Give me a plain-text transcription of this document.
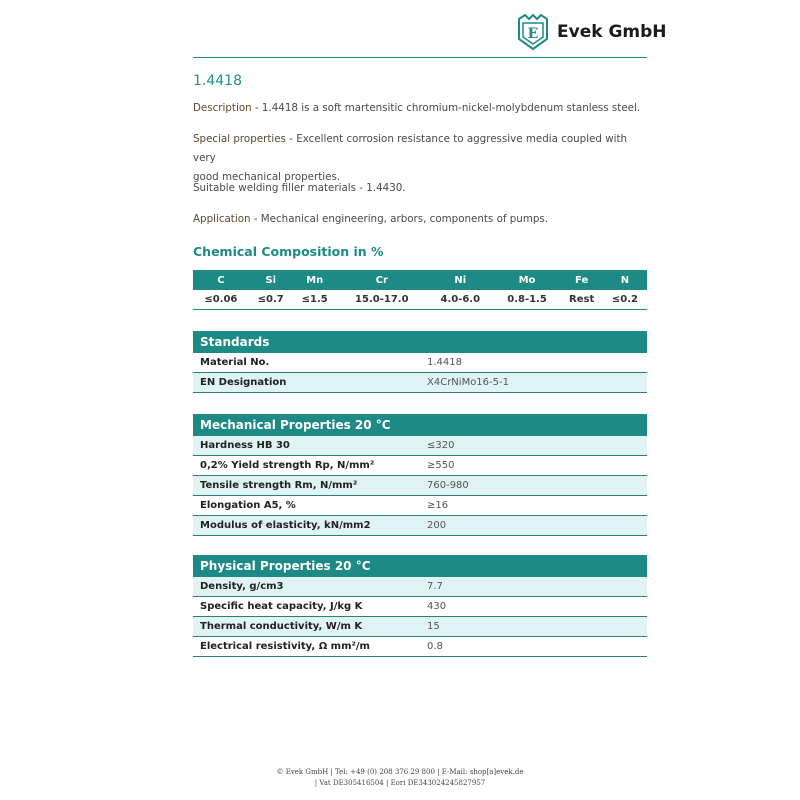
E Evek GmbH
1.4418
Description - 1.4418 is a soft martensitic chromium-nickel-molybdenum stanless steel.
Special properties - Excellent corrosion resistance to aggressive media coupled with very
good mechanical properties.
Suitable welding filler materials - 1.4430.
Application - Mechanical engineering, arbors, components of pumps.
Chemical Composition in %
C	Si	Mn	Cr	Ni	Mo	Fe	N
≤0.06	≤0.7	≤1.5	15.0-17.0	4.0-6.0	0.8-1.5	Rest	≤0.2
Standards	
Material No.	1.4418
EN Designation	X4CrNiMo16-5-1
Mechanical Properties 20 °C	
Hardness HB 30	≤320
0,2% Yield strength Rp, N/mm²	≥550
Tensile strength Rm, N/mm²	760-980
Elongation A5, %	≥16
Modulus of elasticity, kN/mm2	200
Physical Properties 20 °C	
Density, g/cm3	7.7
Specific heat capacity, J/kg K	430
Thermal conductivity, W/m K	15
Electrical resistivity, Ω mm²/m	0.8
© Evek GmbH | Tel: +49 (0) 208 376 29 800 | E-Mail: shop[a]evek.de
| Vat DE305416504 | Eori DE343024245827957
